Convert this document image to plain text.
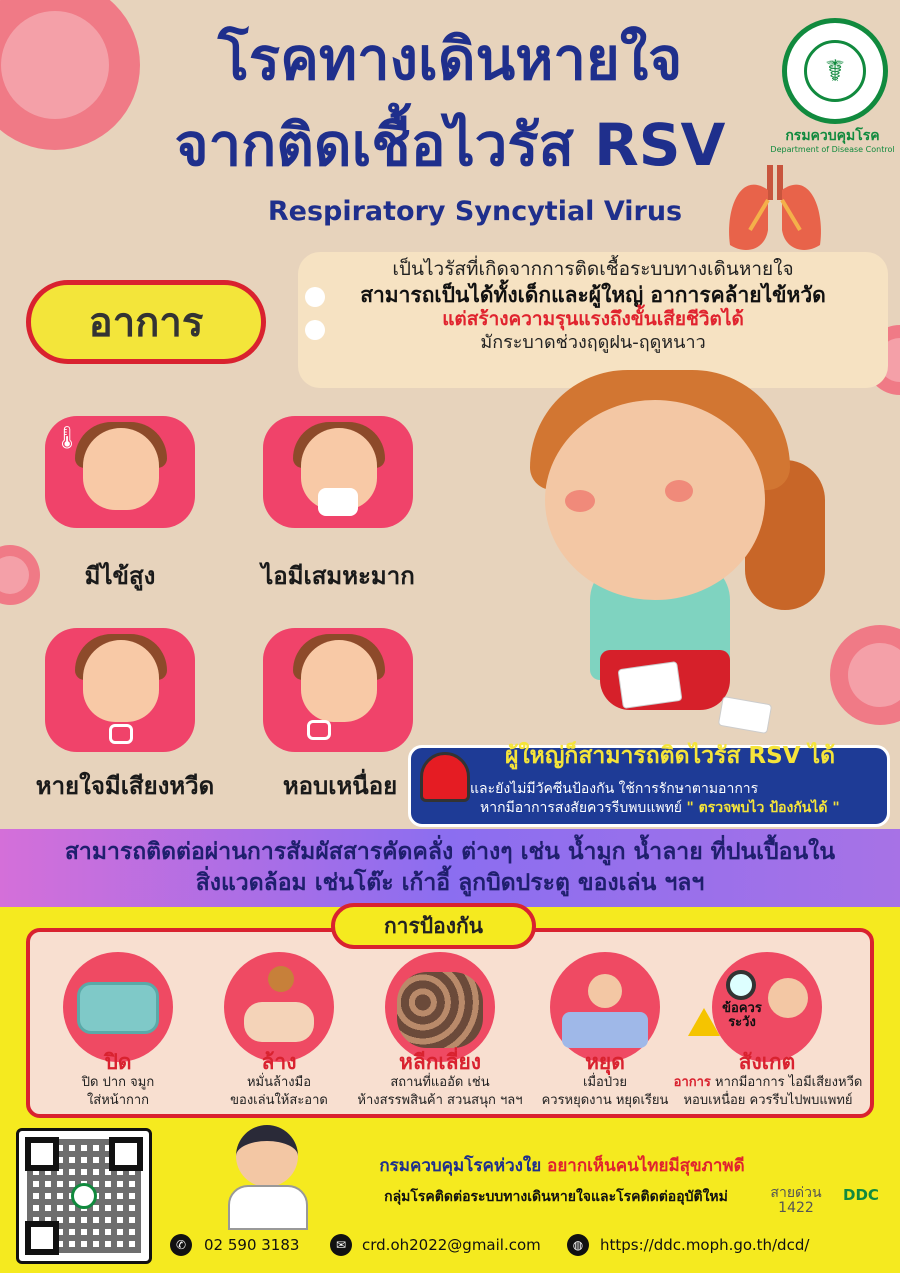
โรคทางเดินหายใจ
จากติดเชื้อไวรัส RSV
Respiratory Syncytial Virus
☤
กรมควบคุมโรค
Department of Disease Control
อาการ
เป็นไวรัสที่เกิดจากการติดเชื้อระบบทางเดินหายใจ
สามารถเป็นได้ทั้งเด็กและผู้ใหญ่ อาการคล้ายไข้หวัด
แต่สร้างความรุนแรงถึงขั้นเสียชีวิตได้
มักระบาดช่วงฤดูฝน-ฤดูหนาว
🌡
มีไข้สูง	ไอมีเสมหะมาก
หายใจมีเสียงหวีด	หอบเหนื่อย
ผู้ใหญ่ก็สามารถติดไวรัส RSV ได้
และยังไม่มีวัคซีนป้องกัน ใช้การรักษาตามอาการ
หากมีอาการสงสัยควรรีบพบแพทย์ " ตรวจพบไว ป้องกันได้ "
สามารถติดต่อผ่านการสัมผัสสารคัดคลั่ง ต่างๆ เช่น น้ำมูก น้ำลาย ที่ปนเปื้อนใน
สิ่งแวดล้อม เช่นโต๊ะ เก้าอี้ ลูกบิดประตู ของเล่น ฯลฯ
การป้องกัน
ปิด
ปิด ปาก จมูก
ใส่หน้ากาก
ล้าง
หมั่นล้างมือ
ของเล่นให้สะอาด
หลีกเลี่ยง
สถานที่แออัด เช่น
ห้างสรรพสินค้า สวนสนุก ฯลฯ
หยุด
เมื่อป่วย
ควรหยุดงาน หยุดเรียน
ข้อควรระวัง
สังเกต
อาการ หากมีอาการ ไอมีเสียงหวีด
หอบเหนื่อย ควรรีบไปพบแพทย์
กรมควบคุมโรคห่วงใย อยากเห็นคนไทยมีสุขภาพดี
กลุ่มโรคติดต่อระบบทางเดินหายใจและโรคติดต่ออุบัติใหม่	สายด่วน
1422
DDC
✆	02 590 3183	✉	crd.oh2022@gmail.com	◍	https://ddc.moph.go.th/dcd/
